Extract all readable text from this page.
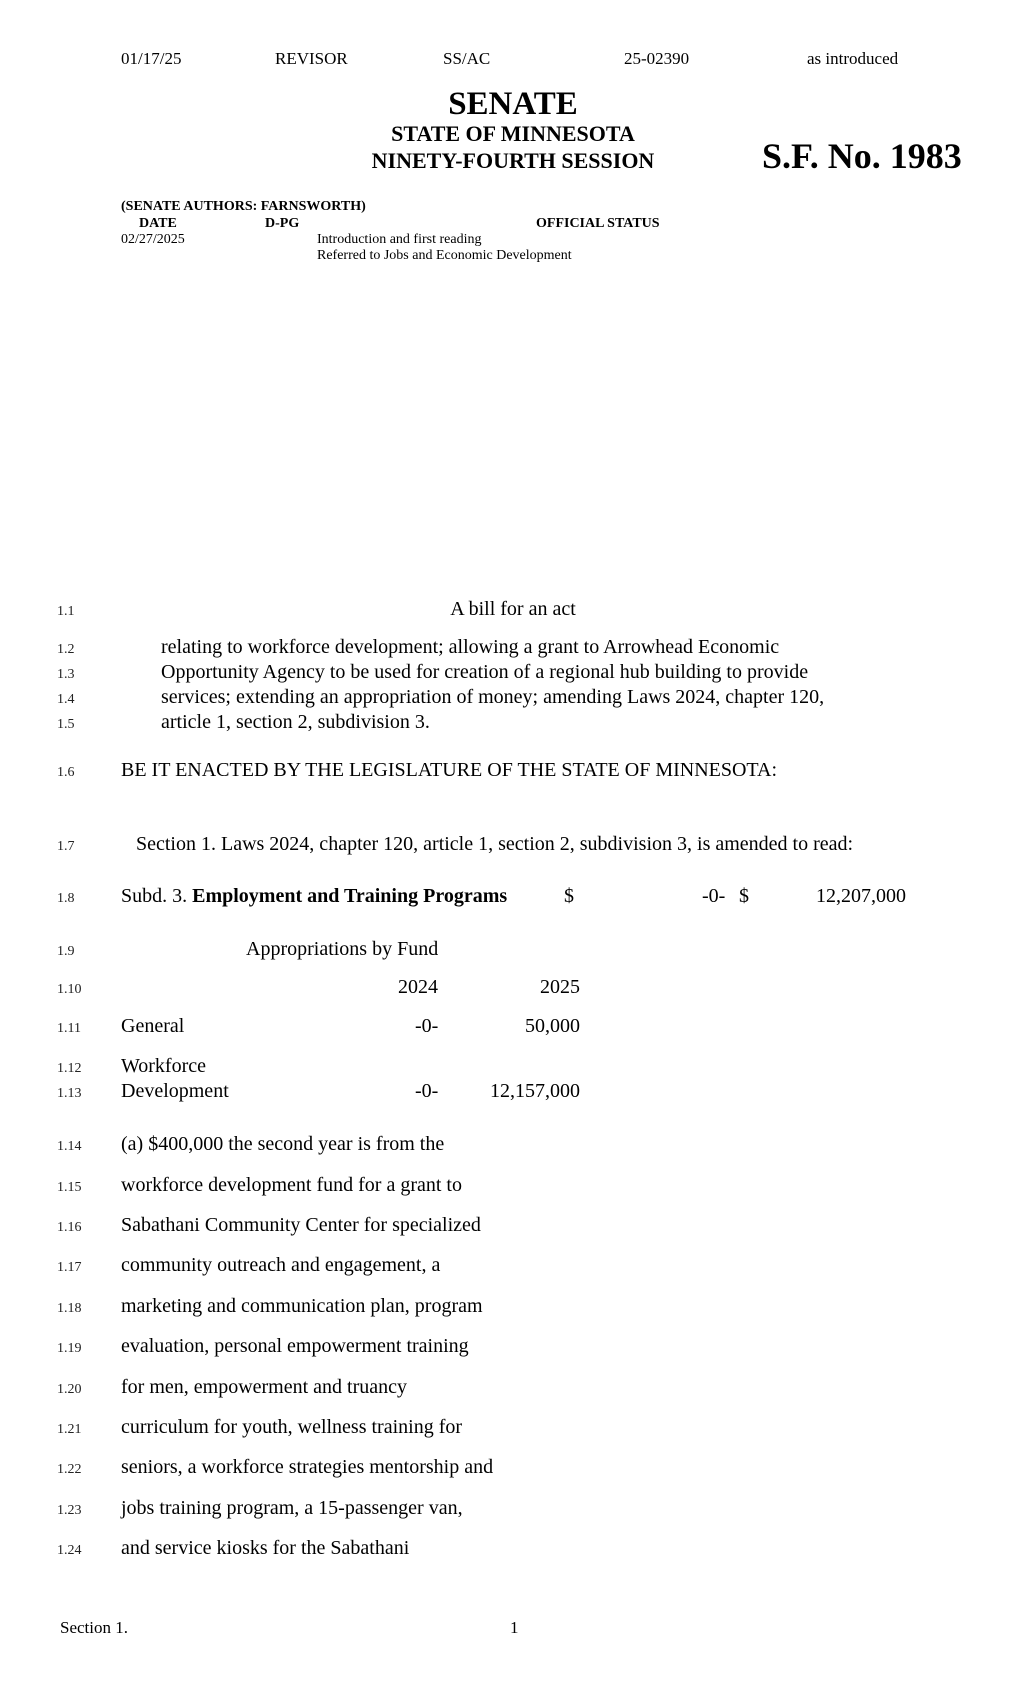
01/17/25	REVISOR	SS/AC	25-02390	as introduced
SENATE
STATE OF MINNESOTA
NINETY-FOURTH SESSION	S.F. No. 1983
(SENATE AUTHORS: FARNSWORTH)
DATE	D-PG	OFFICIAL STATUS
02/27/2025	Introduction and first reading
Referred to Jobs and Economic Development
1.1
1.2
1.3
1.4
1.5
1.6
1.7
1.8
1.9
1.10
1.11
1.12
1.13
1.14
1.15
1.16
1.17
1.18
1.19
1.20
1.21
1.22
1.23
1.24
A bill for an act
relating to workforce development; allowing a grant to Arrowhead Economic
Opportunity Agency to be used for creation of a regional hub building to provide
services; extending an appropriation of money; amending Laws 2024, chapter 120,
article 1, section 2, subdivision 3.
BE IT ENACTED BY THE LEGISLATURE OF THE STATE OF MINNESOTA:
Section 1. Laws 2024, chapter 120, article 1, section 2, subdivision 3, is amended to read:
Subd. 3. Employment and Training Programs	$	-0- $	12,207,000
Appropriations by Fund
2024	2025
General	-0-	50,000
Workforce
Development	-0-	12,157,000
(a) $400,000 the second year is from the
workforce development fund for a grant to
Sabathani Community Center for specialized
community outreach and engagement, a
marketing and communication plan, program
evaluation, personal empowerment training
for men, empowerment and truancy
curriculum for youth, wellness training for
seniors, a workforce strategies mentorship and
jobs training program, a 15-passenger van,
and service kiosks for the Sabathani
Section 1.	1
